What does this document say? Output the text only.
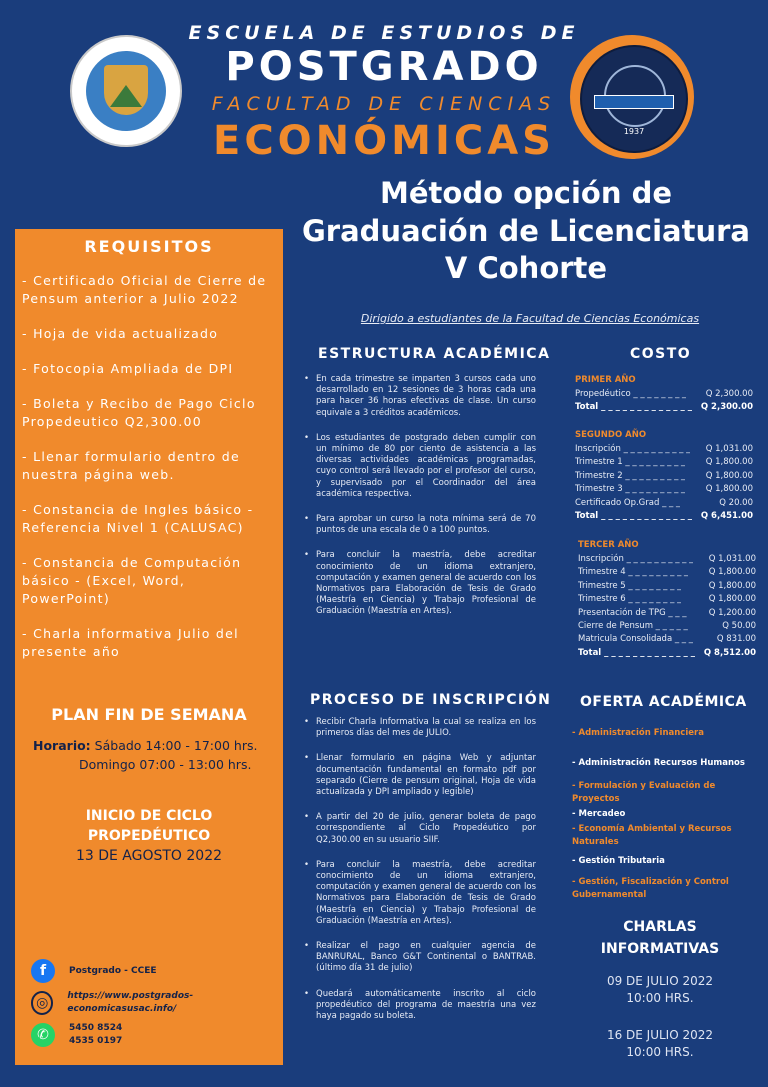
ESCUELA DE ESTUDIOS DE
POSTGRADO
FACULTAD DE CIENCIAS
ECONÓMICAS	1937
Método opción de
Graduación de Licenciatura
V Cohorte
Dirigido a estudiantes de la Facultad de Ciencias Económicas
REQUISITOS
- Certificado Oficial de Cierre de Pensum anterior a Julio 2022
- Hoja de vida actualizado
- Fotocopia Ampliada de DPI
- Boleta y Recibo de Pago Ciclo Propedeutico Q2,300.00
- Llenar formulario dentro de nuestra página web.
- Constancia de Ingles básico - Referencia Nivel 1 (CALUSAC)
- Constancia de Computación básico - (Excel, Word, PowerPoint)
- Charla informativa Julio del presente año
PLAN FIN DE SEMANA
Horario: Sábado 14:00 - 17:00 hrs.
Domingo 07:00 - 13:00 hrs.
INICIO DE CICLO
PROPEDÉUTICO
13 DE AGOSTO 2022
f	Postgrado - CCEE
◎	https://www.postgrados-economicasusac.info/
✆	5450 8524
4535 0197
ESTRUCTURA ACADÉMICA
• En cada trimestre se imparten 3 cursos cada uno desarrollado en 12 sesiones de 3 horas cada una para hacer 36 horas efectivas de clase. Un curso equivale a 3 créditos académicos.
• Los estudiantes de postgrado deben cumplir con un mínimo de 80 por ciento de asistencia a las diversas actividades académicas programadas, cuyo control será llevado por el profesor del curso, y supervisado por el Coordinador del área académica respectiva.
• Para aprobar un curso la nota mínima será de 70 puntos de una escala de 0 a 100 puntos.
• Para concluir la maestría, debe acreditar conocimiento de un idioma extranjero, computación y examen general de acuerdo con los Normativos para Elaboración de Tesis de Grado (Maestría en Ciencia) y Trabajo Profesional de Graduación (Maestría en Artes).
COSTO
PRIMER AÑO
Propedéutico _ _ _ _ _ _ _ _ Q 2,300.00
Total _ _ _ _ _ _ _ _ _ _ _ _ _ Q 2,300.00
SEGUNDO AÑO
Inscripción _ _ _ _ _ _ _ _ _ _ Q 1,031.00
Trimestre 1 _ _ _ _ _ _ _ _ _ Q 1,800.00
Trimestre 2 _ _ _ _ _ _ _ _ _ Q 1,800.00
Trimestre 3 _ _ _ _ _ _ _ _ _ Q 1,800.00
Certificado Op.Grad _ _ _	Q 20.00
Total _ _ _ _ _ _ _ _ _ _ _ _ _ Q 6,451.00
TERCER AÑO
Inscripción _ _ _ _ _ _ _ _ _ _ Q 1,031.00
Trimestre 4 _ _ _ _ _ _ _ _ _ Q 1,800.00
Trimestre 5 _ _ _ _ _ _ _ _	Q 1,800.00
Trimestre 6 _ _ _ _ _ _ _ _	Q 1,800.00
Presentación de TPG _ _ _	Q 1,200.00
Cierre de Pensum _ _ _ _ _	Q 50.00
Matricula Consolidada _ _ _	Q 831.00
Total _ _ _ _ _ _ _ _ _ _ _ _ _ Q 8,512.00
PROCESO DE INSCRIPCIÓN
• Recibir Charla Informativa la cual se realiza en los primeros días del mes de JULIO.
• Llenar formulario en página Web y adjuntar documentación fundamental en formato pdf por separado (Cierre de pensum original, Hoja de vida actualizada y DPI ampliado y legible)
• A partir del 20 de julio, generar boleta de pago correspondiente al Ciclo Propedéutico por Q2,300.00 en su usuario SIIF.
• Para concluir la maestría, debe acreditar conocimiento de un idioma extranjero, computación y examen general de acuerdo con los Normativos para Elaboración de Tesis de Grado (Maestría en Ciencia) y Trabajo Profesional de Graduación (Maestría en Artes).
• Realizar el pago en cualquier agencia de BANRURAL, Banco G&T Continental o BANTRAB. (último día 31 de julio)
• Quedará automáticamente inscrito al ciclo propedéutico del programa de maestría una vez haya pagado su boleta.
OFERTA ACADÉMICA
- Administración Financiera
- Administración Recursos Humanos
- Formulación y Evaluación de Proyectos
- Mercadeo
- Economía Ambiental y Recursos Naturales
- Gestión Tributaria
- Gestión, Fiscalización y Control Gubernamental
CHARLAS
INFORMATIVAS
09 DE JULIO 2022
10:00 HRS.
16 DE JULIO 2022
10:00 HRS.
